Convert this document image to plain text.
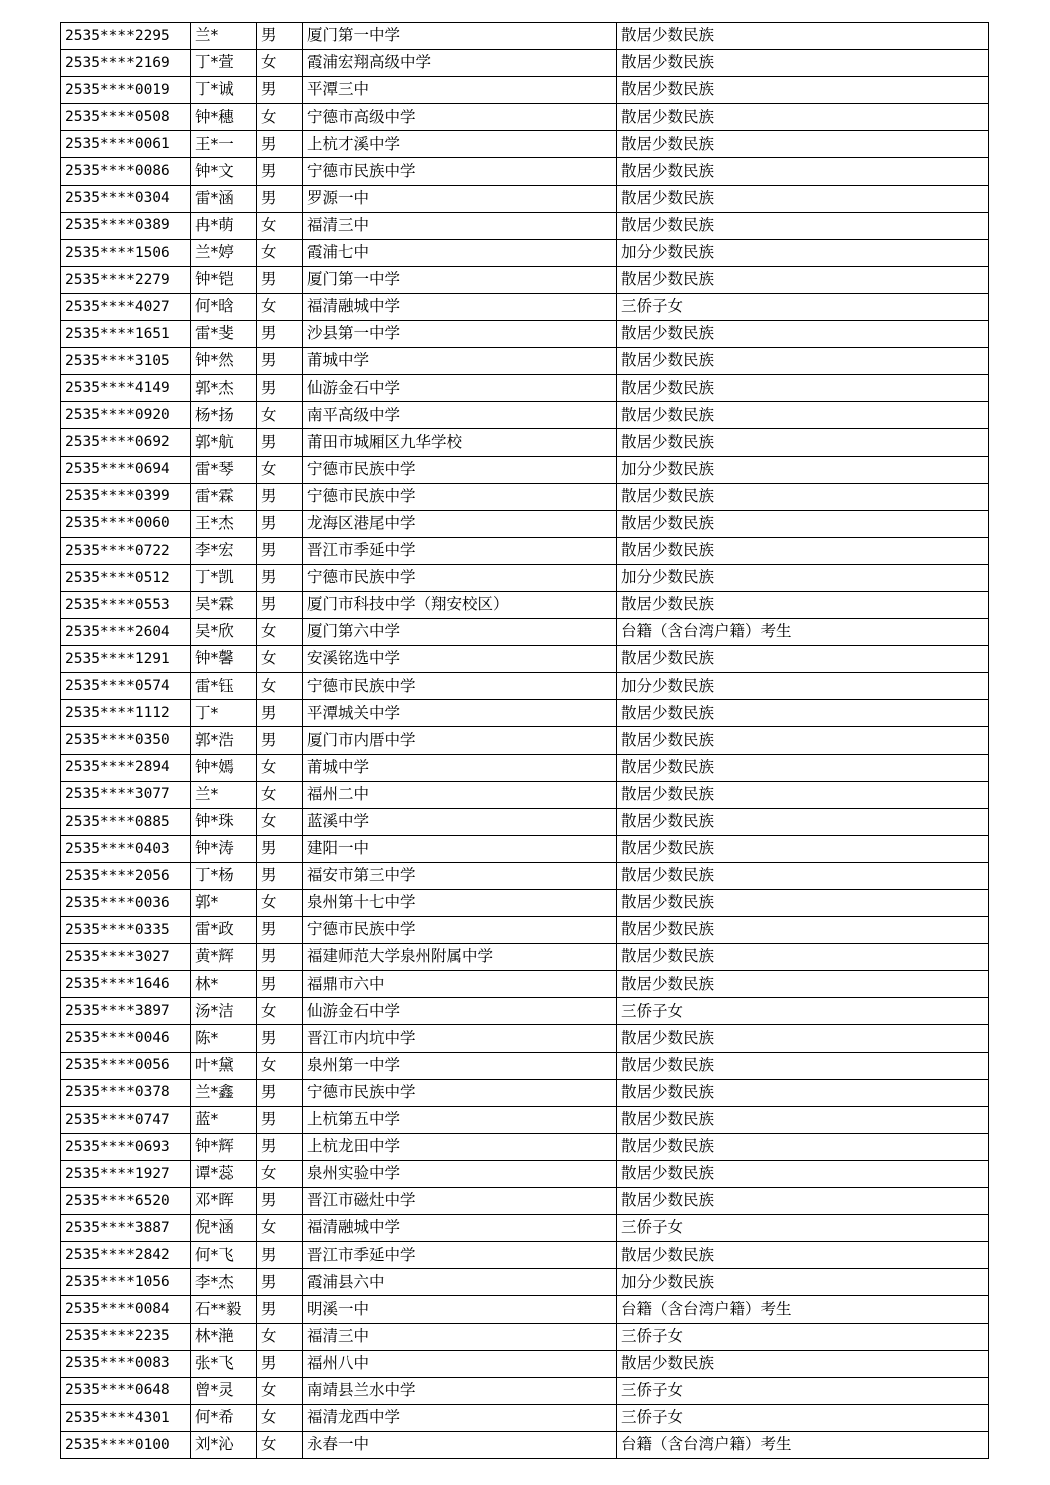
2535****2295	兰*	男	厦门第一中学	散居少数民族
2535****2169	丁*萱	女	霞浦宏翔高级中学	散居少数民族
2535****0019	丁*诚	男	平潭三中	散居少数民族
2535****0508	钟*穗	女	宁德市高级中学	散居少数民族
2535****0061	王*一	男	上杭才溪中学	散居少数民族
2535****0086	钟*文	男	宁德市民族中学	散居少数民族
2535****0304	雷*涵	男	罗源一中	散居少数民族
2535****0389	冉*萌	女	福清三中	散居少数民族
2535****1506	兰*婷	女	霞浦七中	加分少数民族
2535****2279	钟*铠	男	厦门第一中学	散居少数民族
2535****4027	何*晗	女	福清融城中学	三侨子女
2535****1651	雷*斐	男	沙县第一中学	散居少数民族
2535****3105	钟*然	男	莆城中学	散居少数民族
2535****4149	郭*杰	男	仙游金石中学	散居少数民族
2535****0920	杨*扬	女	南平高级中学	散居少数民族
2535****0692	郭*航	男	莆田市城厢区九华学校	散居少数民族
2535****0694	雷*琴	女	宁德市民族中学	加分少数民族
2535****0399	雷*霖	男	宁德市民族中学	散居少数民族
2535****0060	王*杰	男	龙海区港尾中学	散居少数民族
2535****0722	李*宏	男	晋江市季延中学	散居少数民族
2535****0512	丁*凯	男	宁德市民族中学	加分少数民族
2535****0553	吴*霖	男	厦门市科技中学（翔安校区）	散居少数民族
2535****2604	吴*欣	女	厦门第六中学	台籍（含台湾户籍）考生
2535****1291	钟*馨	女	安溪铭选中学	散居少数民族
2535****0574	雷*钰	女	宁德市民族中学	加分少数民族
2535****1112	丁*	男	平潭城关中学	散居少数民族
2535****0350	郭*浩	男	厦门市内厝中学	散居少数民族
2535****2894	钟*嫣	女	莆城中学	散居少数民族
2535****3077	兰*	女	福州二中	散居少数民族
2535****0885	钟*珠	女	蓝溪中学	散居少数民族
2535****0403	钟*涛	男	建阳一中	散居少数民族
2535****2056	丁*杨	男	福安市第三中学	散居少数民族
2535****0036	郭*	女	泉州第十七中学	散居少数民族
2535****0335	雷*政	男	宁德市民族中学	散居少数民族
2535****3027	黄*辉	男	福建师范大学泉州附属中学	散居少数民族
2535****1646	林*	男	福鼎市六中	散居少数民族
2535****3897	汤*洁	女	仙游金石中学	三侨子女
2535****0046	陈*	男	晋江市内坑中学	散居少数民族
2535****0056	叶*黛	女	泉州第一中学	散居少数民族
2535****0378	兰*鑫	男	宁德市民族中学	散居少数民族
2535****0747	蓝*	男	上杭第五中学	散居少数民族
2535****0693	钟*辉	男	上杭龙田中学	散居少数民族
2535****1927	谭*蕊	女	泉州实验中学	散居少数民族
2535****6520	邓*晖	男	晋江市磁灶中学	散居少数民族
2535****3887	倪*涵	女	福清融城中学	三侨子女
2535****2842	何*飞	男	晋江市季延中学	散居少数民族
2535****1056	李*杰	男	霞浦县六中	加分少数民族
2535****0084	石**毅	男	明溪一中	台籍（含台湾户籍）考生
2535****2235	林*滟	女	福清三中	三侨子女
2535****0083	张*飞	男	福州八中	散居少数民族
2535****0648	曾*灵	女	南靖县兰水中学	三侨子女
2535****4301	何*希	女	福清龙西中学	三侨子女
2535****0100	刘*沁	女	永春一中	台籍（含台湾户籍）考生
